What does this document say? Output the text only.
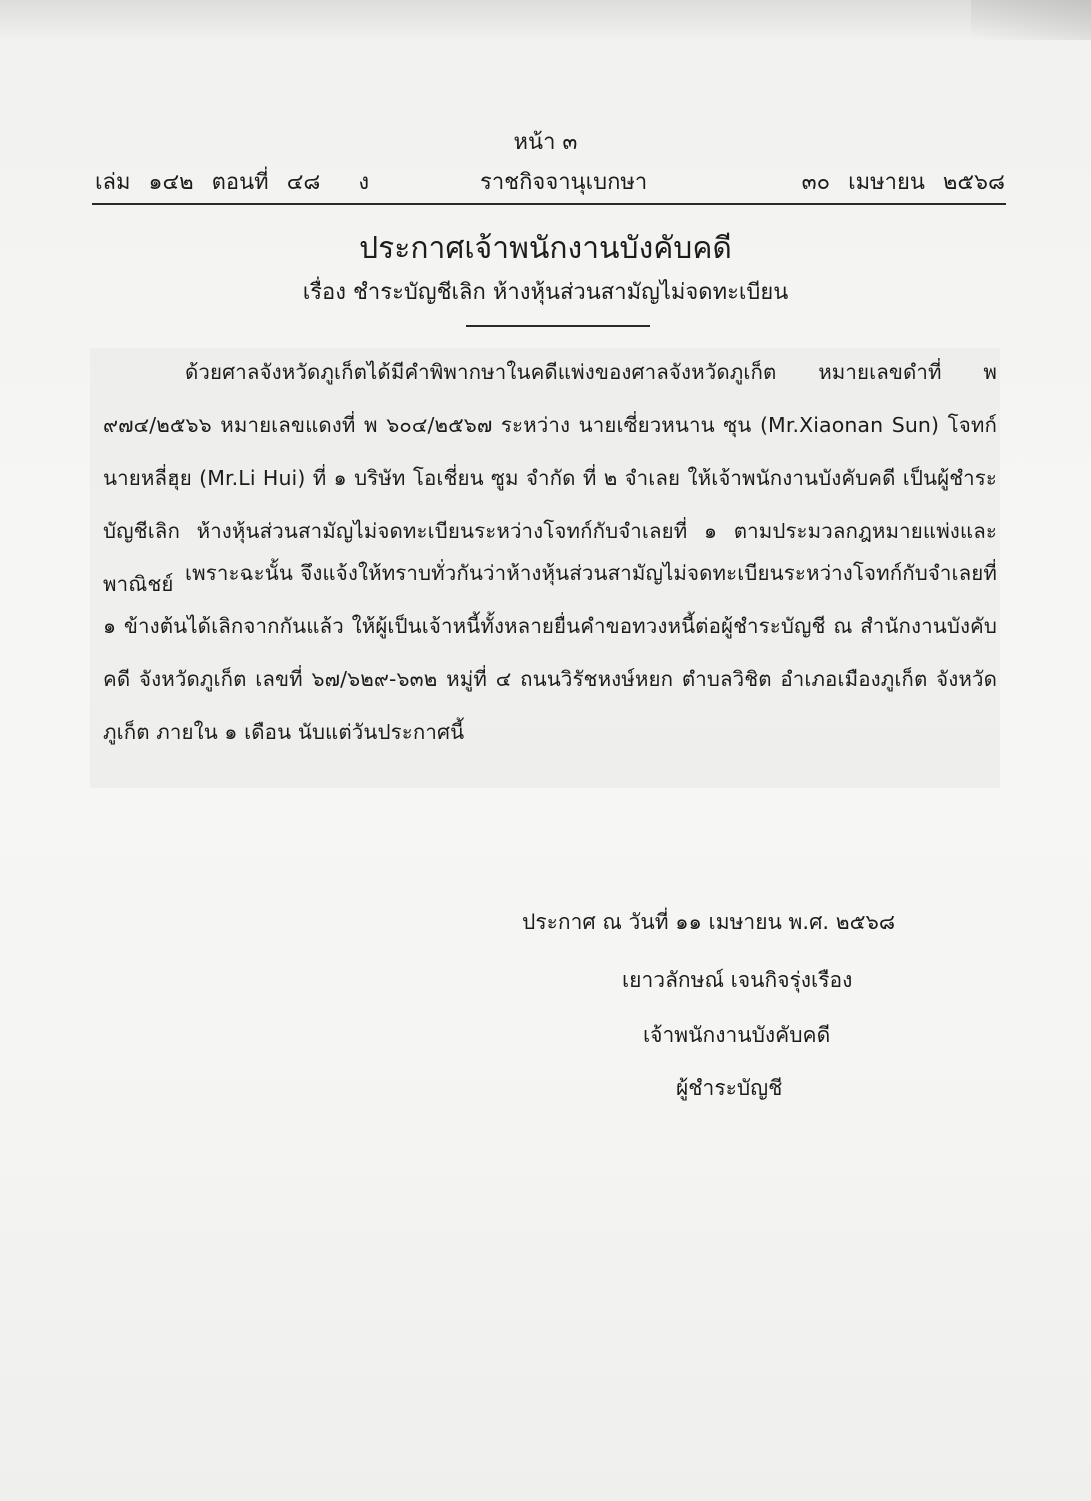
หน้า ๓
เล่ม ๑๔๒ ตอนที่ ๔๘ ง	ราชกิจจานุเบกษา	๓๐ เมษายน ๒๕๖๘
ประกาศเจ้าพนักงานบังคับคดี
เรื่อง ชำระบัญชีเลิก ห้างหุ้นส่วนสามัญไม่จดทะเบียน
ด้วยศาลจังหวัดภูเก็ตได้มีคำพิพากษาในคดีแพ่งของศาลจังหวัดภูเก็ต หมายเลขดำที่ พ ๙๗๔/๒๕๖๖ หมายเลขแดงที่ พ ๖๐๔/๒๕๖๗ ระหว่าง นายเซี่ยวหนาน ซุน (Mr.Xiaonan Sun) โจทก์ นายหลี่ฮุย (Mr.Li Hui) ที่ ๑ บริษัท โอเชี่ยน ซูม จำกัด ที่ ๒ จำเลย ให้เจ้าพนักงานบังคับคดี เป็นผู้ชำระบัญชีเลิก ห้างหุ้นส่วนสามัญไม่จดทะเบียนระหว่างโจทก์กับจำเลยที่ ๑ ตามประมวลกฎหมายแพ่งและพาณิชย์ เพราะฉะนั้น จึงแจ้งให้ทราบทั่วกันว่าห้างหุ้นส่วนสามัญไม่จดทะเบียนระหว่างโจทก์กับจำเลยที่ ๑ ข้างต้นได้เลิกจากกันแล้ว ให้ผู้เป็นเจ้าหนี้ทั้งหลายยื่นคำขอทวงหนี้ต่อผู้ชำระบัญชี ณ สำนักงานบังคับคดี จังหวัดภูเก็ต เลขที่ ๖๗/๖๒๙-๖๓๒ หมู่ที่ ๔ ถนนวิรัชหงษ์หยก ตำบลวิชิต อำเภอเมืองภูเก็ต จังหวัดภูเก็ต ภายใน ๑ เดือน นับแต่วันประกาศนี้
ประกาศ ณ วันที่ ๑๑ เมษายน พ.ศ. ๒๕๖๘
เยาวลักษณ์ เจนกิจรุ่งเรือง
เจ้าพนักงานบังคับคดี
ผู้ชำระบัญชี
